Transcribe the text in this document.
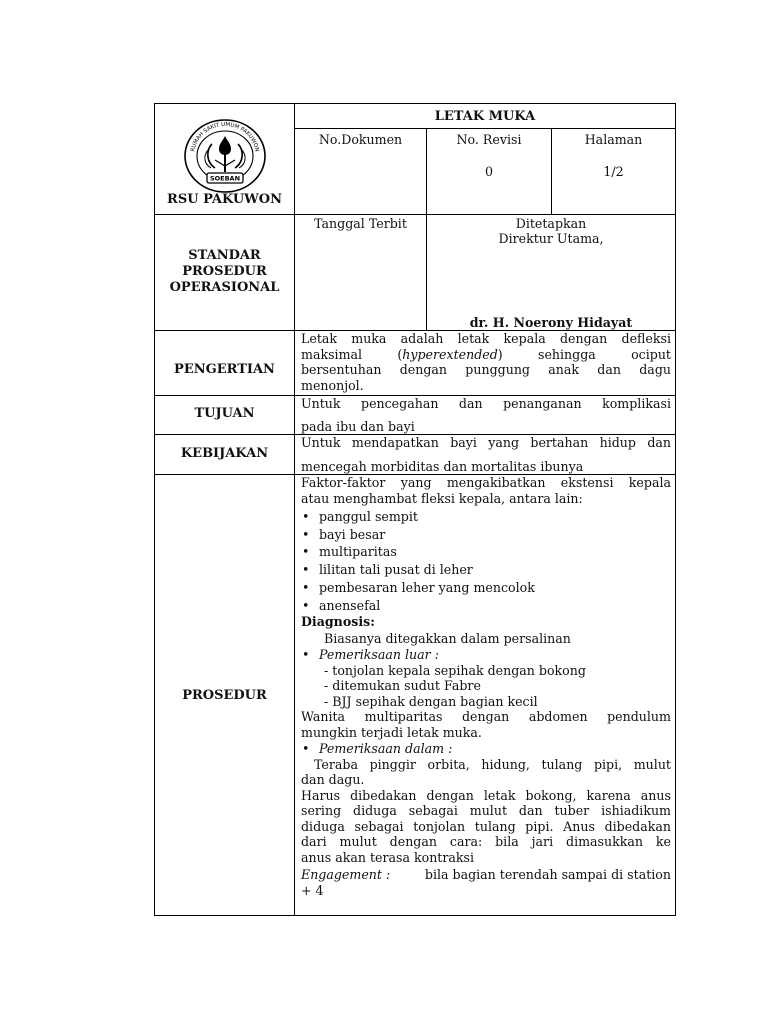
RUMAH SAKIT UMUM PAKUWON
SOEBAN
RSU PAKUWON
LETAK MUKA
No.Dokumen	No. Revisi
0
Halaman
1/2
STANDAR
PROSEDUR
OPERASIONAL
Tanggal Terbit	Ditetapkan
Direktur Utama,
dr. H. Noerony Hidayat
PENGERTIAN
Letak muka adalah letak kepala dengan defleksi
maksimal (hyperextended) sehingga ociput
bersentuhan dengan punggung anak dan dagu
menonjol.
TUJUAN
Untuk pencegahan dan penanganan komplikasi
pada ibu dan bayi
KEBIJAKAN
Untuk mendapatkan bayi yang bertahan hidup dan
mencegah morbiditas dan mortalitas ibunya
PROSEDUR
Faktor-faktor yang mengakibatkan ekstensi kepala
atau menghambat fleksi kepala, antara lain:
• panggul sempit
• bayi besar
• multiparitas
• lilitan tali pusat di leher
• pembesaran leher yang mencolok
• anensefal
Diagnosis:
Biasanya ditegakkan dalam persalinan
• Pemeriksaan luar :
- tonjolan kepala sepihak dengan bokong
- ditemukan sudut Fabre
- BJJ sepihak dengan bagian kecil
Wanita multiparitas dengan abdomen pendulum
mungkin terjadi letak muka.
• Pemeriksaan dalam :
Teraba pinggir orbita, hidung, tulang pipi, mulut
dan dagu.
Harus dibedakan dengan letak bokong, karena anus
sering diduga sebagai mulut dan tuber ishiadikum
diduga sebagai tonjolan tulang pipi. Anus dibedakan
dari mulut dengan cara: bila jari dimasukkan ke
anus akan terasa kontraksi
Engagement : bila bagian terendah sampai di station
+ 4
